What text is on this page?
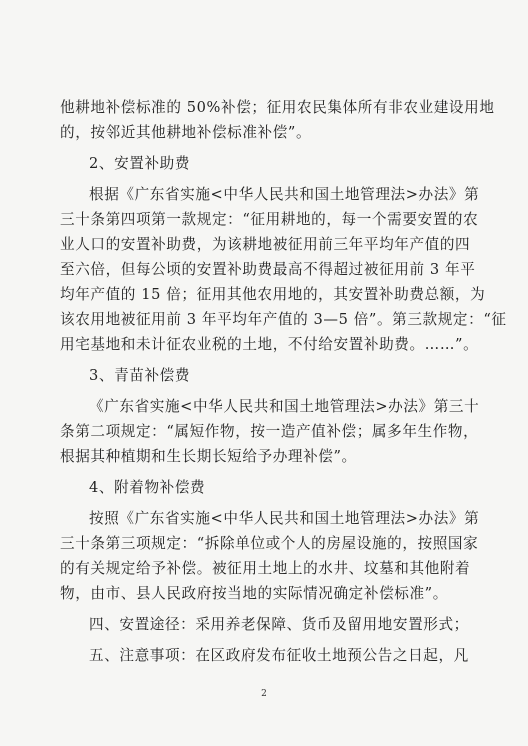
他耕地补偿标准的 50%补偿；征用农民集体所有非农业建设用地
的，按邻近其他耕地补偿标准补偿”。
2、安置补助费
根据《广东省实施<中华人民共和国土地管理法>办法》第
三十条第四项第一款规定：“征用耕地的，每一个需要安置的农
业人口的安置补助费，为该耕地被征用前三年平均年产值的四
至六倍，但每公顷的安置补助费最高不得超过被征用前 3 年平
均年产值的 15 倍；征用其他农用地的，其安置补助费总额，为
该农用地被征用前 3 年平均年产值的 3—5 倍”。第三款规定：“征
用宅基地和未计征农业税的土地，不付给安置补助费。……”。
3、青苗补偿费
《广东省实施<中华人民共和国土地管理法>办法》第三十
条第二项规定：“属短作物，按一造产值补偿；属多年生作物，
根据其种植期和生长期长短给予办理补偿”。
4、附着物补偿费
按照《广东省实施<中华人民共和国土地管理法>办法》第
三十条第三项规定：“拆除单位或个人的房屋设施的，按照国家
的有关规定给予补偿。被征用土地上的水井、坟墓和其他附着
物，由市、县人民政府按当地的实际情况确定补偿标准”。
四、安置途径：采用养老保障、货币及留用地安置形式；
五、注意事项：在区政府发布征收土地预公告之日起，凡
2
